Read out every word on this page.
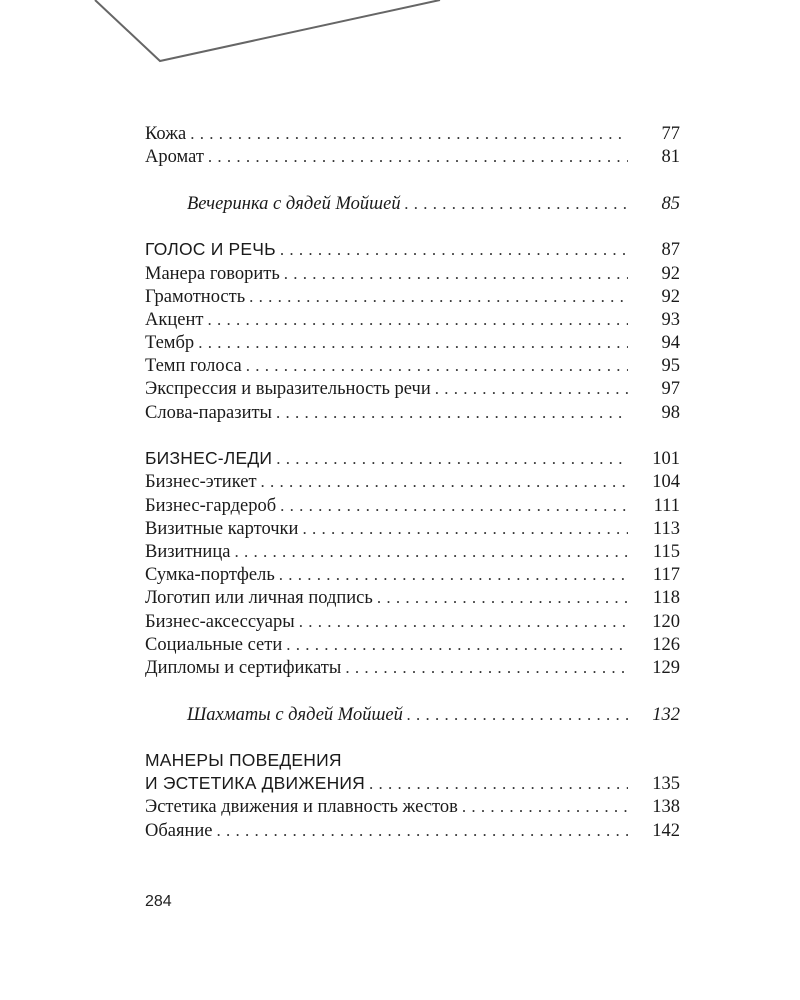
Кожа . . .	77
Аромат . . .	81
Вечеринка с дядей Мойшей . . .	85
ГОЛОС И РЕЧЬ . . .	87
Манера говорить . . .	92
Грамотность . . .	92
Акцент . . .	93
Тембр . . .	94
Темп голоса . . .	95
Экспрессия и выразительность речи . . .	97
Слова-паразиты . . .	98
БИЗНЕС-ЛЕДИ . . .	101
Бизнес-этикет . . .	104
Бизнес-гардероб . . .	111
Визитные карточки . . .	113
Визитница . . .	115
Сумка-портфель . . .	117
Логотип или личная подпись . . .	118
Бизнес-аксессуары . . .	120
Социальные сети . . .	126
Дипломы и сертификаты . . .	129
Шахматы с дядей Мойшей . . .	132
МАНЕРЫ ПОВЕДЕНИЯ
И ЭСТЕТИКА ДВИЖЕНИЯ . . .	135
Эстетика движения и плавность жестов . . .	138
Обаяние . . .	142
284
